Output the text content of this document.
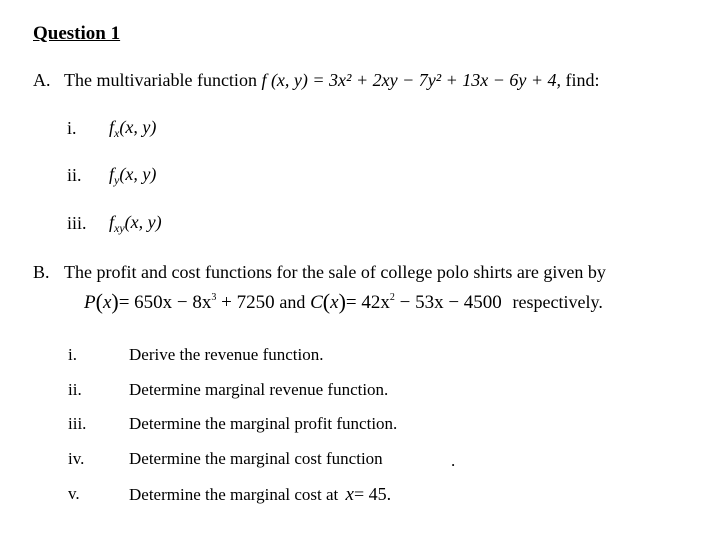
Question 1
A. The multivariable function f (x, y) = 3x² + 2xy − 7y² + 13x − 6y + 4, find:
i. $f_x(x$, y)
ii. $f_y(x$, y)
iii. $f_{xy}(x$, y)
B. The profit and cost functions for the sale of college polo shirts are given by
$P(x)= 650x - 8x^3 + 7250$ and $C(x)= 42x^2 - 53x - 4500$ respectively.
i.	Derive the revenue function.
ii.	Determine marginal revenue function.
iii.	Determine the marginal profit function.
iv.	Determine the marginal cost function	.
v.	Determine the marginal cost at x= 45.
